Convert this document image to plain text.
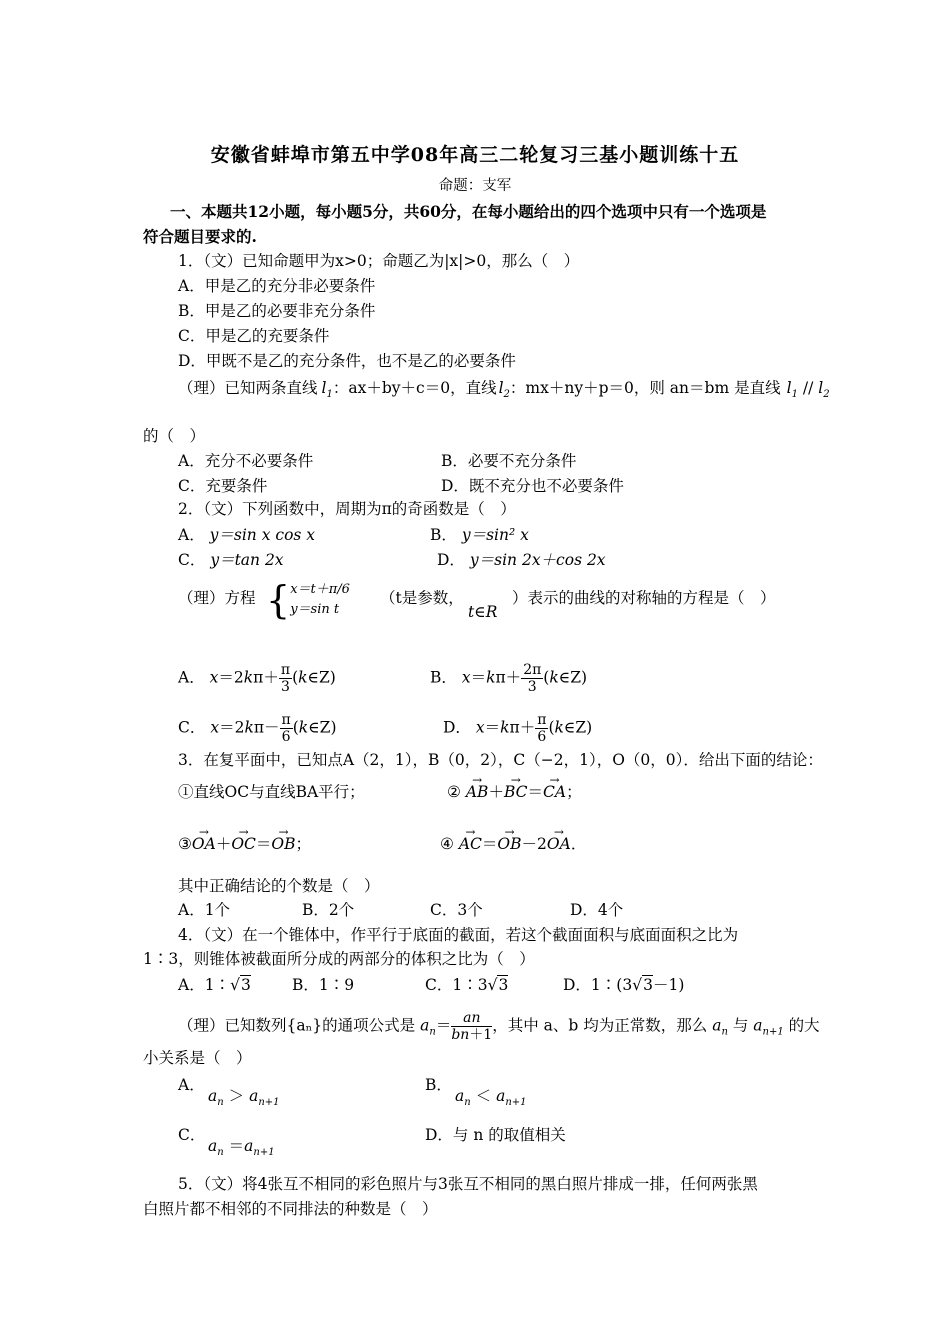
安徽省蚌埠市第五中学08年高三二轮复习三基小题训练十五
命题：支军
一、本题共12小题，每小题5分，共60分，在每小题给出的四个选项中只有一个选项是
符合题目要求的.
1．（文）已知命题甲为x>0；命题乙为|x|>0，那么（　）
A．甲是乙的充分非必要条件
B．甲是乙的必要非充分条件
C．甲是乙的充要条件
D．甲既不是乙的充分条件，也不是乙的必要条件
（理）已知两条直线 $l_1$：ax＋by＋c＝0，直线 $l_2$：mx＋ny＋p＝0，则 an＝bm 是直线 $l_1 // l_2$
的（　）
A．充分不必要条件	B．必要不充分条件
C．充要条件	D．既不充分也不必要条件
2．（文）下列函数中，周期为π的奇函数是（　）
A． y＝sin x cos x	B． y＝sin² x
C． y＝tan 2x	D． y＝sin 2x＋cos 2x
（理）方程 { x＝t＋π/6
y＝sin t
（t是参数，
t∈R
）表示的曲线的对称轴的方程是（　）
A． $x=2k\pi+ \frac{\pi}{3}$ (k∈Z)	B． $x=k\pi+ \frac{2\pi}{3}$ (k∈Z)
C． $x=2k\pi- \frac{\pi}{6}$ (k∈Z)	D． $x=k\pi+ \frac{\pi}{6}$ (k∈Z)
3．在复平面中，已知点A（2，1），B（0，2），C（−2，1），O（0，0）．给出下面的结论：
①直线OC与直线BA平行；	② → AB＋→ BC＝→ CA；
③→ OA＋→ OC＝→ OB；	④ → AC＝→ OB－2→ OA．
其中正确结论的个数是（　）
A．1个	B．2个	C．3个	D．4个
4．（文）在一个锥体中，作平行于底面的截面，若这个截面面积与底面面积之比为
1∶3，则锥体被截面所分成的两部分的体积之比为（　）
A．1∶√3	B．1∶9	C．1∶3√3	D．1∶(3√3－1)
（理）已知数列{aₙ}的通项公式是 $a_n= \frac{an}{bn+1}$ ，其中 a、b 均为正常数，那么 $a_n$ 与 $a_{n+1}$ 的大
小关系是（　）
A．
$a_n > a_{n+1}$
B．
$a_n < a_{n+1}$
C．
$a_n =a_{n+1}$
D．与 n 的取值相关
5．（文）将4张互不相同的彩色照片与3张互不相同的黑白照片排成一排，任何两张黑
白照片都不相邻的不同排法的种数是（　）
